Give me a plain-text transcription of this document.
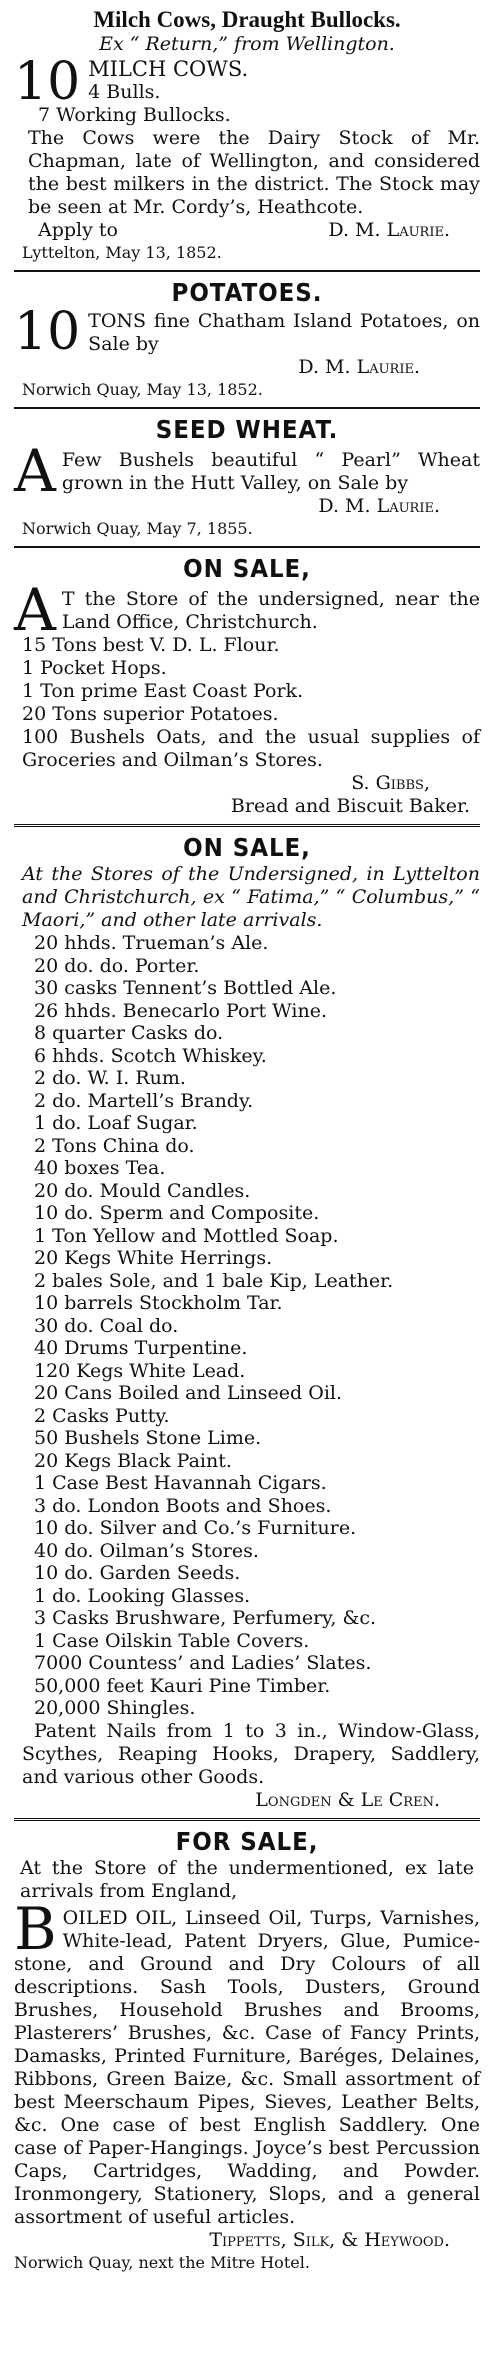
Milch Cows, Draught Bullocks.
Ex “ Return,” from Wellington.
10 MILCH COWS.
4 Bulls.
7 Working Bullocks.

The Cows were the Dairy Stock of Mr. Chapman, late of Wellington, and considered the best milkers in the district. The Stock may be seen at Mr. Cordy’s, Heathcote.

Apply to	D. M. Laurie.
Lyttelton, May 13, 1852.
POTATOES.
10 TONS fine Chatham Island Potatoes, on Sale by

D. M. Laurie.
Norwich Quay, May 13, 1852.
SEED WHEAT.
A Few Bushels beautiful “ Pearl” Wheat grown in the Hutt Valley, on Sale by

D. M. Laurie.
Norwich Quay, May 7, 1855.
ON SALE,
A T the Store of the undersigned, near the Land Office, Christchurch.

15 Tons best V. D. L. Flour.
1 Pocket Hops.
1 Ton prime East Coast Pork.
20 Tons superior Potatoes.
100 Bushels Oats, and the usual supplies of Groceries and Oilman’s Stores.
S. Gibbs,
Bread and Biscuit Baker.
ON SALE,

At the Stores of the Undersigned, in Lyttelton and Christchurch, ex “ Fatima,” “ Columbus,” “ Maori,” and other late arrivals.

20 hhds. Trueman’s Ale.
20 do. do. Porter.
30 casks Tennent’s Bottled Ale.
26 hhds. Benecarlo Port Wine.
8 quarter Casks do.
6 hhds. Scotch Whiskey.
2 do. W. I. Rum.
2 do. Martell’s Brandy.
1 do. Loaf Sugar.
2 Tons China do.
40 boxes Tea.
20 do. Mould Candles.
10 do. Sperm and Composite.
1 Ton Yellow and Mottled Soap.
20 Kegs White Herrings.
2 bales Sole, and 1 bale Kip, Leather.
10 barrels Stockholm Tar.
30 do. Coal do.
40 Drums Turpentine.
120 Kegs White Lead.
20 Cans Boiled and Linseed Oil.
2 Casks Putty.
50 Bushels Stone Lime.
20 Kegs Black Paint.
1 Case Best Havannah Cigars.
3 do. London Boots and Shoes.
10 do. Silver and Co.’s Furniture.
40 do. Oilman’s Stores.
10 do. Garden Seeds.
1 do. Looking Glasses.
3 Casks Brushware, Perfumery, &c.
1 Case Oilskin Table Covers.
7000 Countess’ and Ladies’ Slates.
50,000 feet Kauri Pine Timber.
20,000 Shingles.

Patent Nails from 1 to 3 in., Window-Glass, Scythes, Reaping Hooks, Drapery, Saddlery, and various other Goods.

Longden & Le Cren.
FOR SALE,

At the Store of the undermentioned, ex late arrivals from England,

B OILED OIL, Linseed Oil, Turps, Varnishes, White-lead, Patent Dryers, Glue, Pumice-stone, and Ground and Dry Colours of all descriptions. Sash Tools, Dusters, Ground Brushes, Household Brushes and Brooms, Plasterers’ Brushes, &c. Case of Fancy Prints, Damasks, Printed Furniture, Baréges, Delaines, Ribbons, Green Baize, &c. Small assortment of best Meerschaum Pipes, Sieves, Leather Belts, &c. One case of best English Saddlery. One case of Paper-Hangings. Joyce’s best Percussion Caps, Cartridges, Wadding, and Powder. Ironmongery, Stationery, Slops, and a general assortment of useful articles.

Tippetts, Silk, & Heywood.
Norwich Quay, next the Mitre Hotel.
